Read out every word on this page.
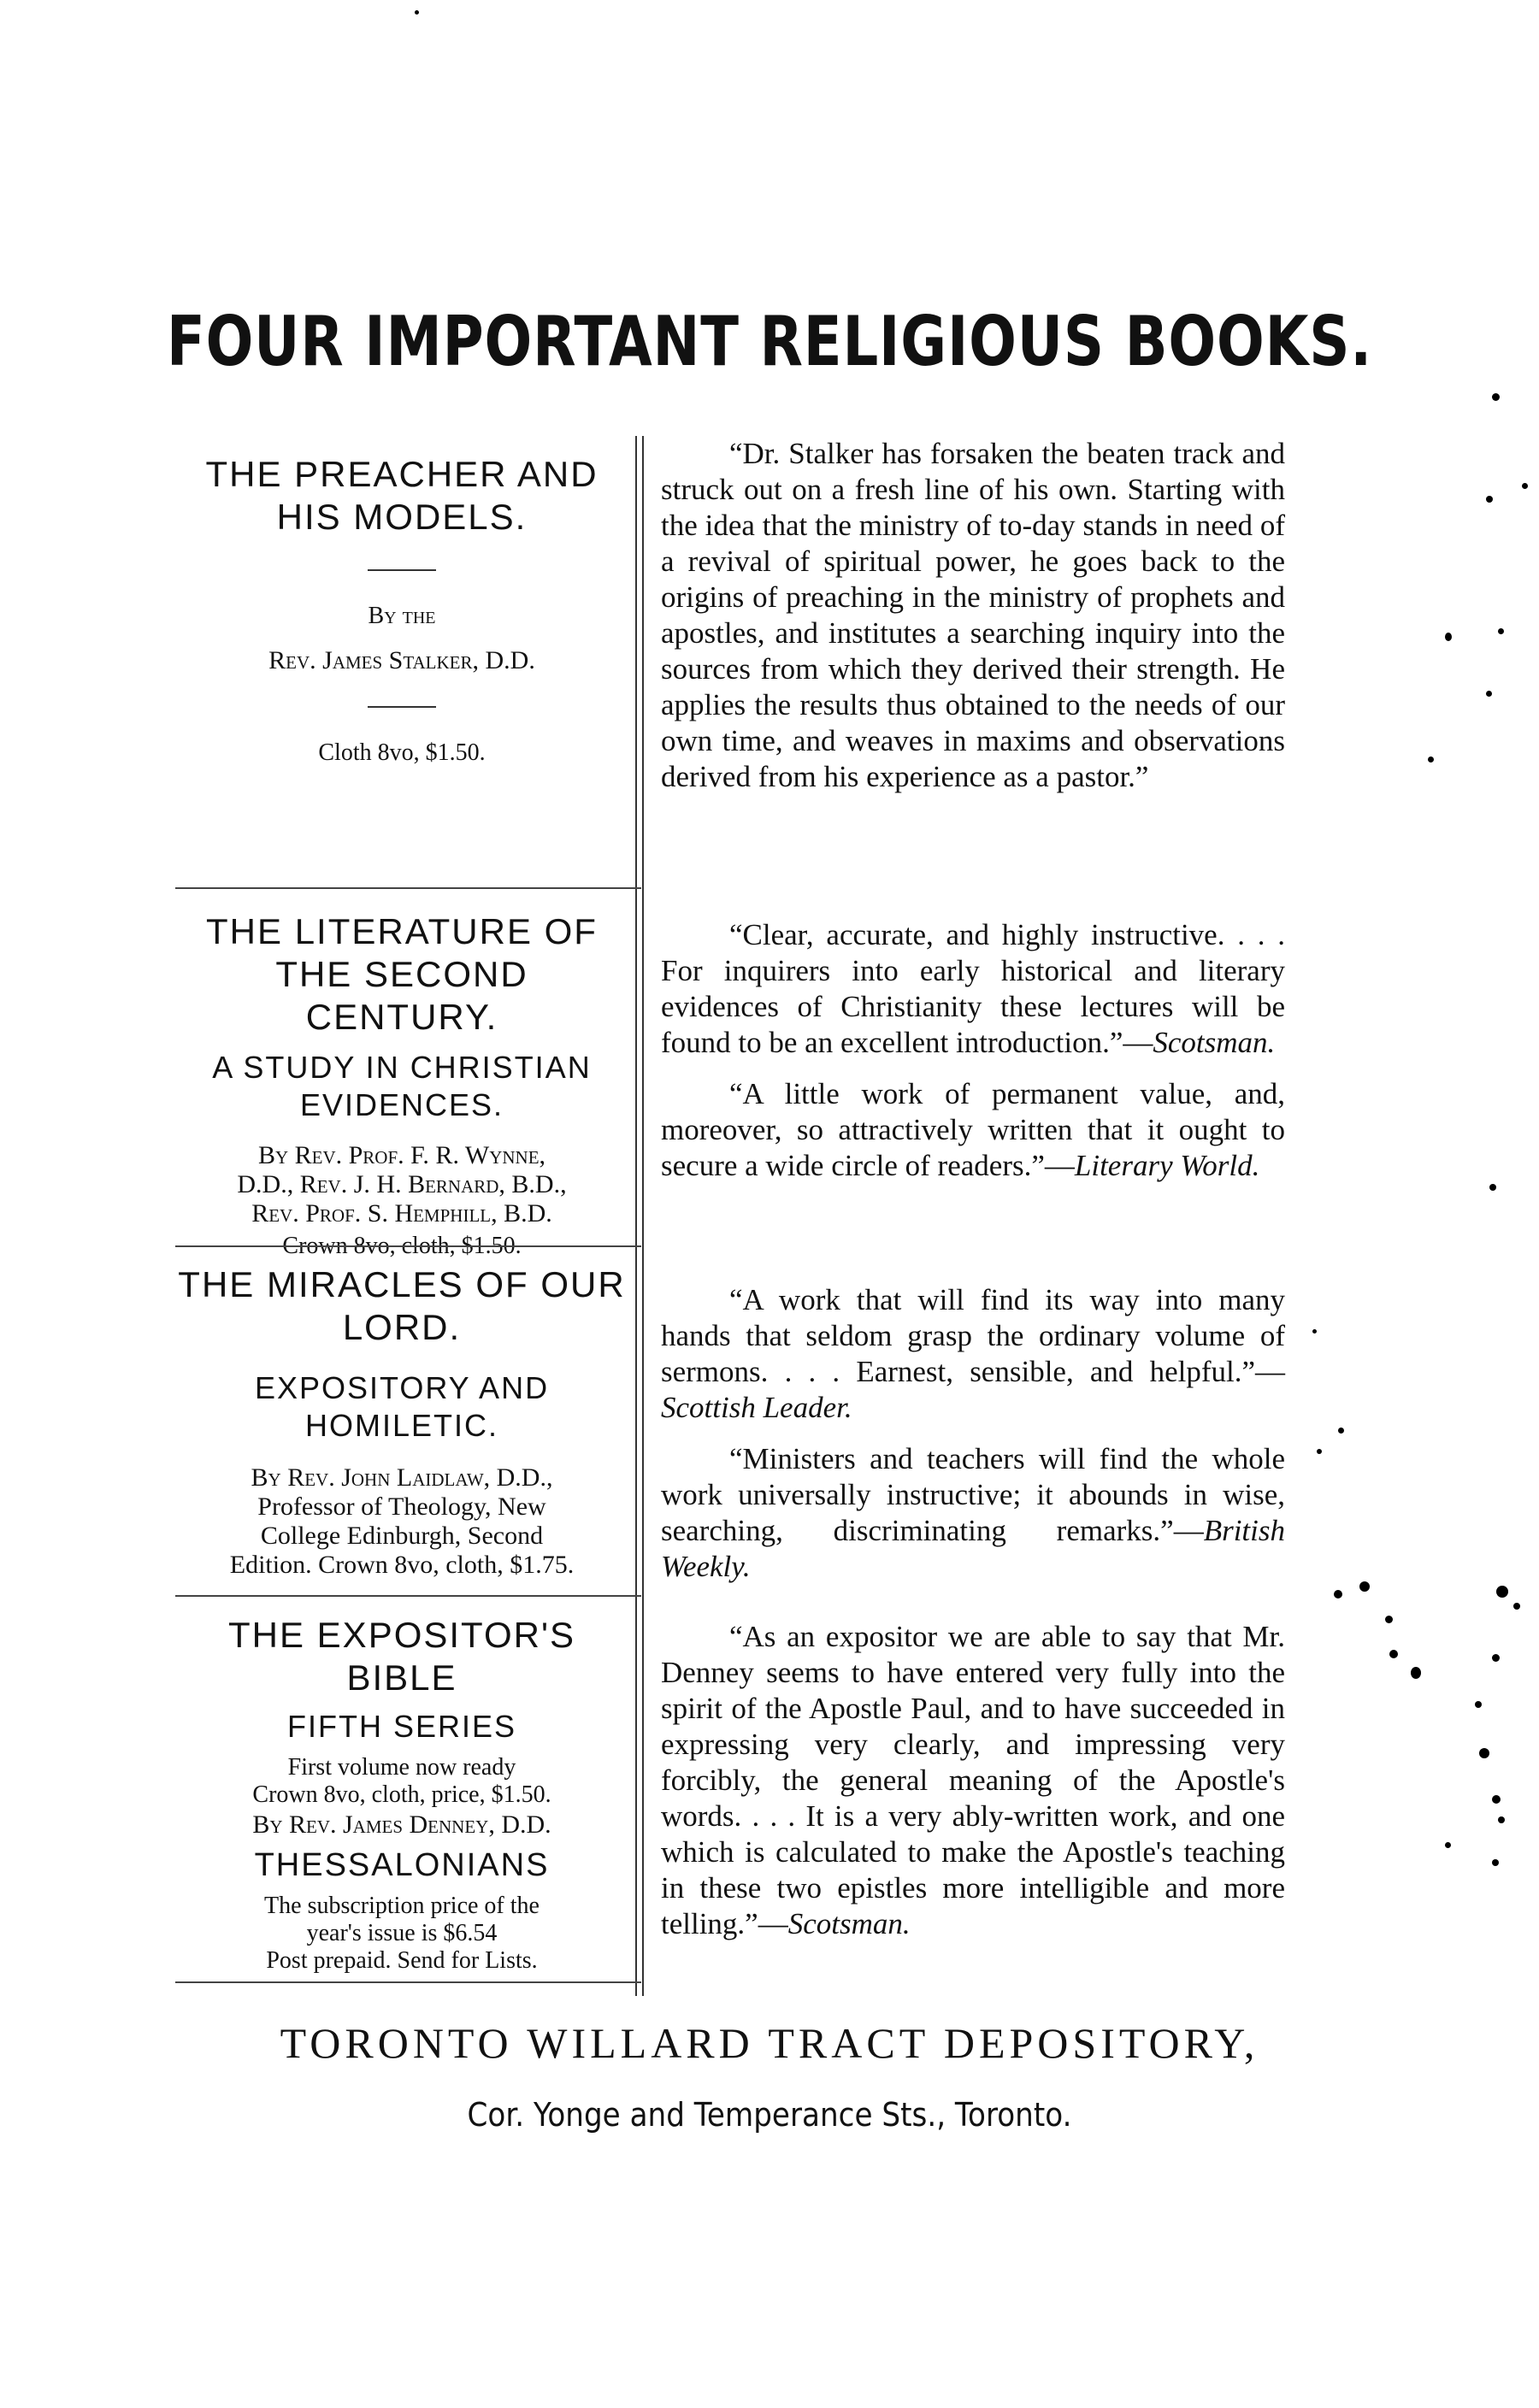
FOUR IMPORTANT RELIGIOUS BOOKS.
THE PREACHER AND HIS MODELS.
By the
Rev. James Stalker, D.D.
Cloth 8vo, $1.50.

“Dr. Stalker has forsaken the beaten track and struck out on a fresh line of his own. Starting with the idea that the ministry of to-day stands in need of a revival of spiritual power, he goes back to the origins of preaching in the ministry of prophets and apostles, and institutes a searching inquiry into the sources from which they derived their strength. He applies the results thus obtained to the needs of our own time, and weaves in maxims and observations derived from his experience as a pastor.”

THE LITERATURE OF THE SECOND CENTURY.
A STUDY IN CHRISTIAN EVIDENCES.
By Rev. Prof. F. R. Wynne,
D.D., Rev. J. H. Bernard, B.D.,
Rev. Prof. S. Hemphill, B.D.
Crown 8vo, cloth, $1.50.

“Clear, accurate, and highly instructive. . . . For inquirers into early historical and literary evidences of Christianity these lectures will be found to be an excellent introduction.”—Scotsman.

“A little work of permanent value, and, moreover, so attractively written that it ought to secure a wide circle of readers.”—Literary World.

THE MIRACLES OF OUR LORD.
EXPOSITORY AND HOMILETIC.
By Rev. John Laidlaw, D.D.,
Professor of Theology, New
College Edinburgh, Second
Edition. Crown 8vo, cloth, $1.75.

“A work that will find its way into many hands that seldom grasp the ordinary volume of sermons. . . . Earnest, sensible, and helpful.”—Scottish Leader.

“Ministers and teachers will find the whole work universally instructive; it abounds in wise, searching, discriminating remarks.”—British Weekly.

THE EXPOSITOR'S BIBLE
FIFTH SERIES
First volume now ready
Crown 8vo, cloth, price, $1.50.
By Rev. James Denney, D.D.
THESSALONIANS
The subscription price of the
year's issue is $6.54
Post prepaid. Send for Lists.

“As an expositor we are able to say that Mr. Denney seems to have entered very fully into the spirit of the Apostle Paul, and to have succeeded in expressing very clearly, and impressing very forcibly, the general meaning of the Apostle's words. . . . It is a very ably-written work, and one which is calculated to make the Apostle's teaching in these two epistles more intelligible and more telling.”—Scotsman.

TORONTO WILLARD TRACT DEPOSITORY,
Cor. Yonge and Temperance Sts., Toronto.
